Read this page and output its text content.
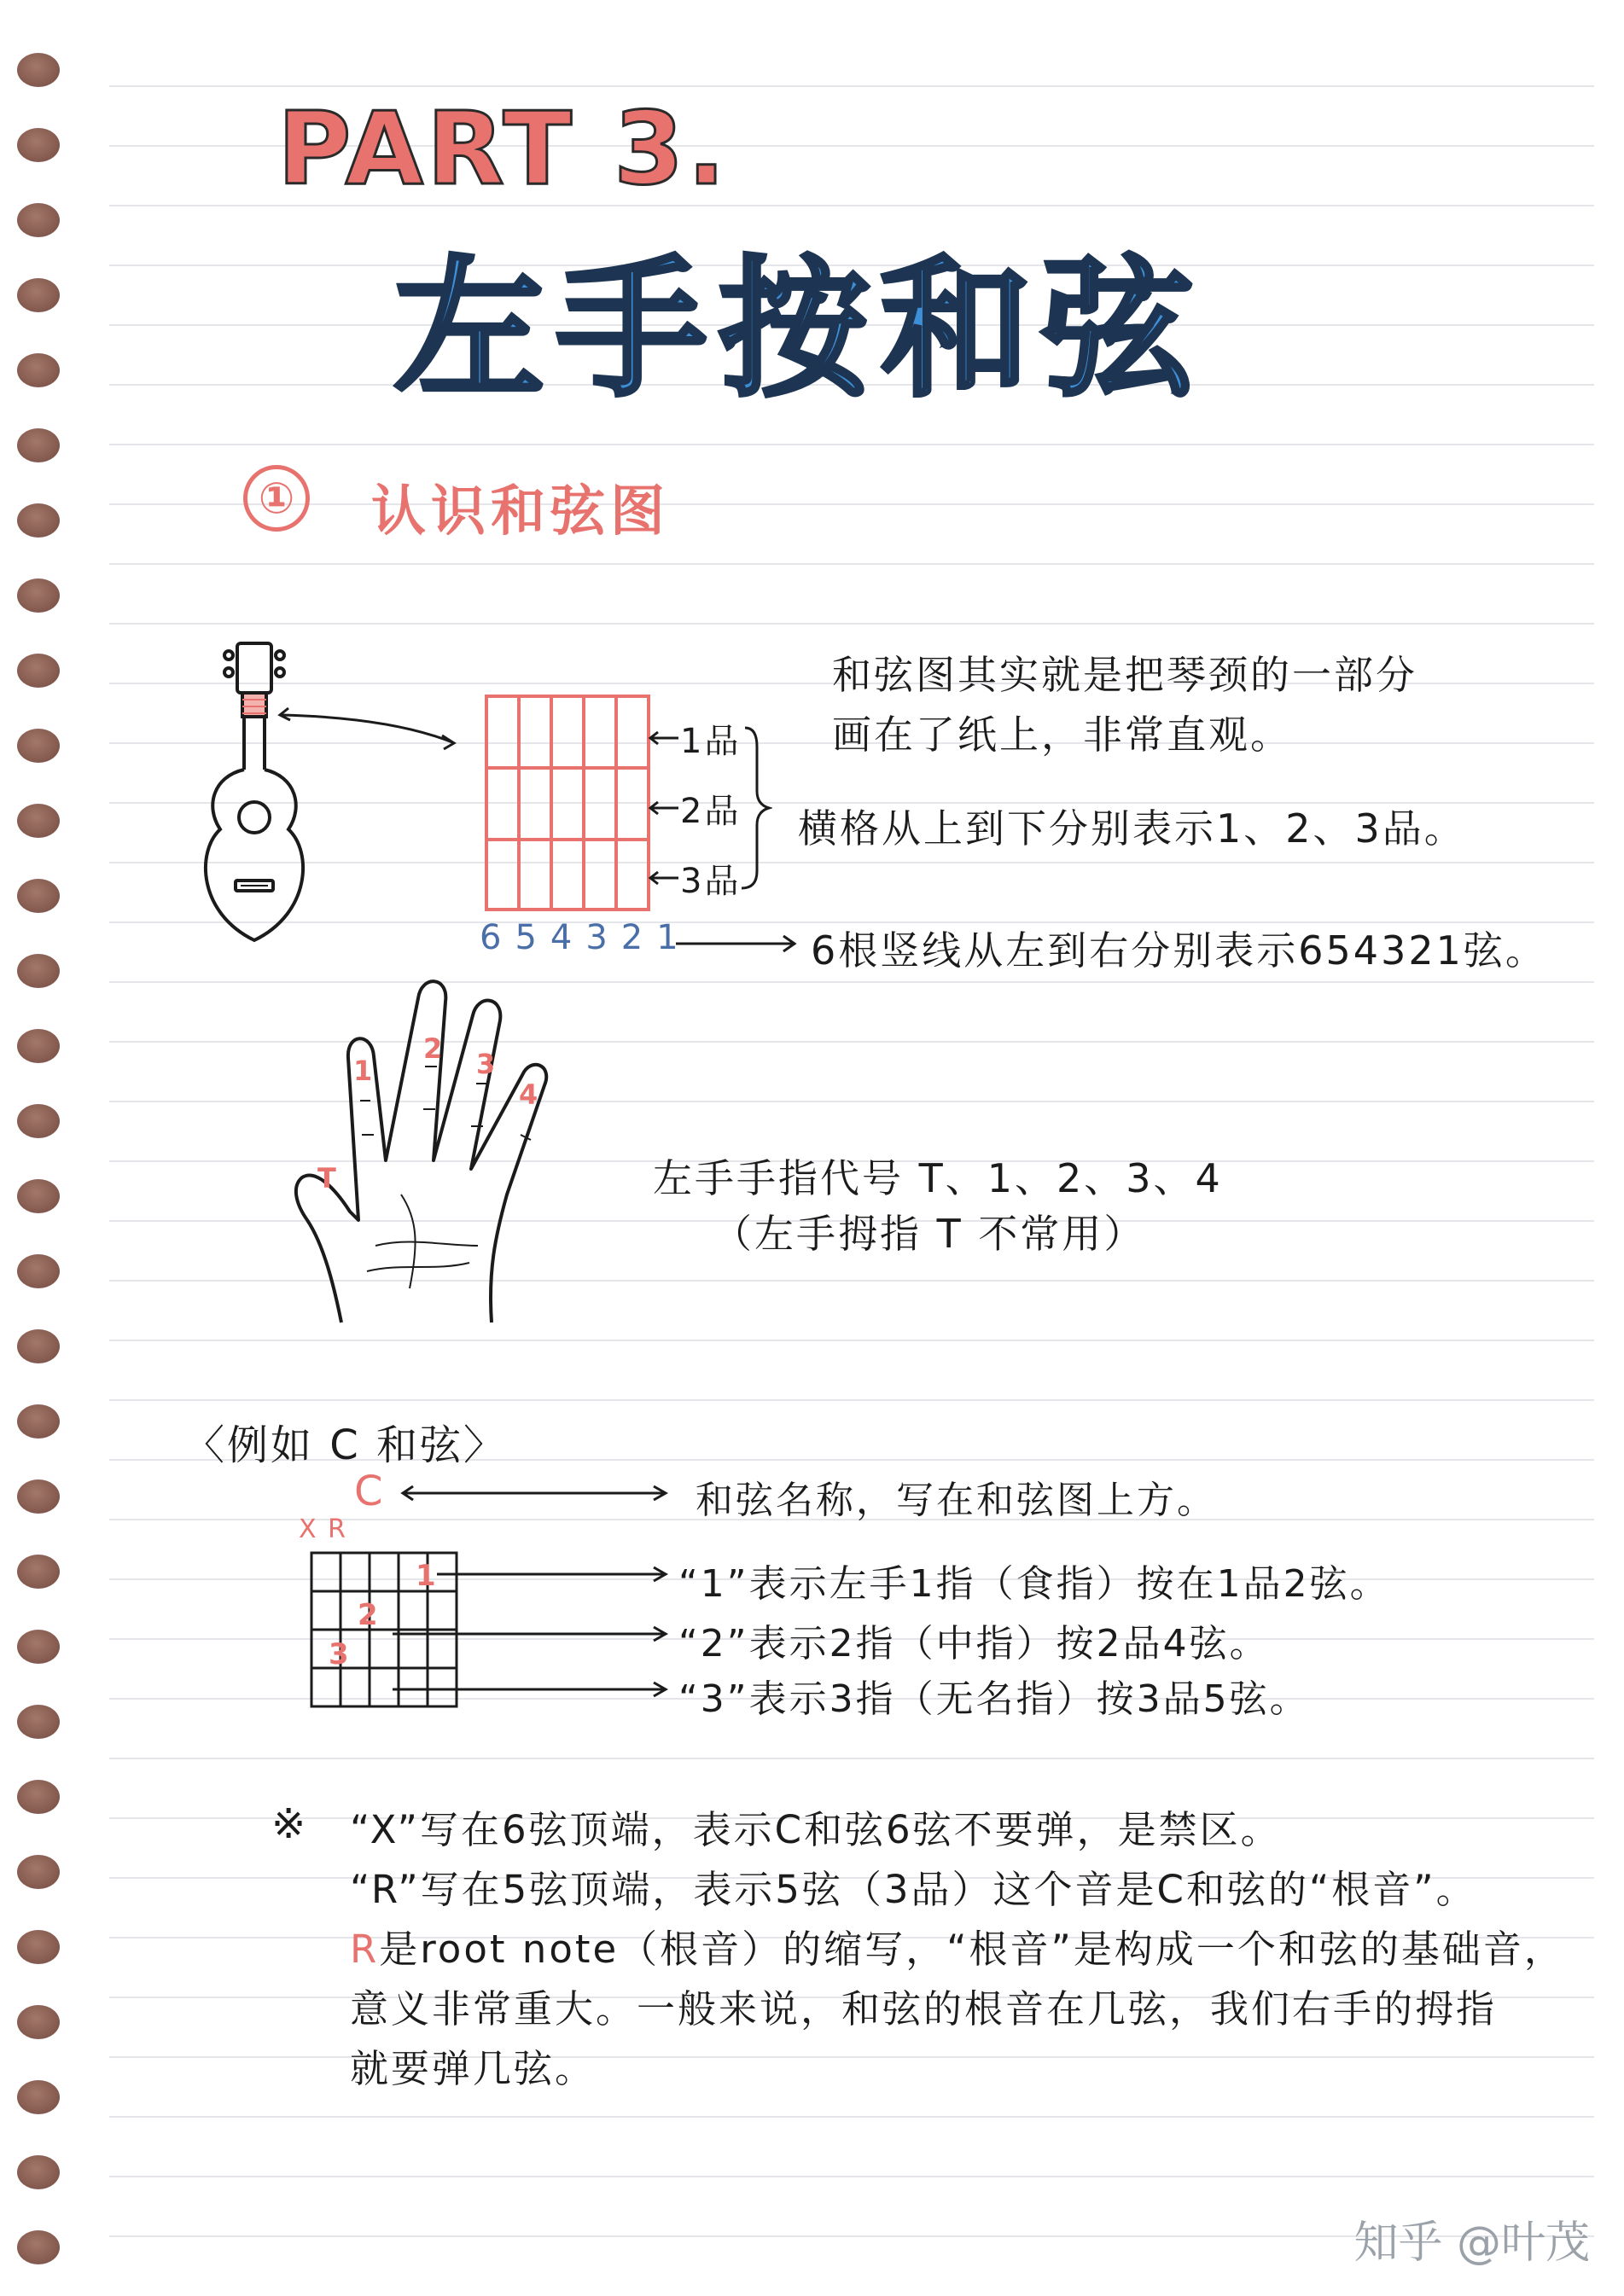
PART 3.
左手按和弦
① 认识和弦图
1品
2品
3品
654321
和弦图其实就是把琴颈的一部分
画在了纸上，非常直观。
横格从上到下分别表示1、2、3品。
6根竖线从左到右分别表示654321弦。
1
2 3
4
T	左手手指代号 T、1、2、3、4
（左手拇指 T 不常用）
〈例如 C 和弦〉
C
X R
1
2
3
和弦名称，写在和弦图上方。
“1”表示左手1指（食指）按在1品2弦。
“2”表示2指（中指）按2品4弦。
“3”表示3指（无名指）按3品5弦。
※ “X”写在6弦顶端，表示C和弦6弦不要弹，是禁区。
“R”写在5弦顶端，表示5弦（3品）这个音是C和弦的“根音”。
R是root note（根音）的缩写，“根音”是构成一个和弦的基础音，
意义非常重大。一般来说，和弦的根音在几弦，我们右手的拇指
就要弹几弦。
知乎 @叶茂
